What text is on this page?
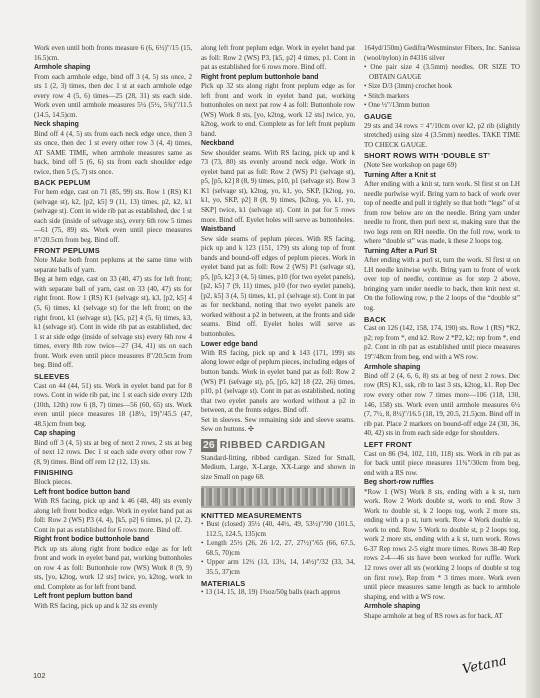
Work even until both fronts measure 6 (6, 6½)"/15 (15, 16.5)cm.

Armhole shaping

From each armhole edge, bind off 3 (4, 5) sts once, 2 sts 1 (2, 3) times, then dec 1 st at each armhole edge every row 4 (5, 6) times—25 (28, 31) sts each side. Work even until armhole measures 5¼ (5½, 5¾)"/11.5 (14.5, 14.5)cm.

Neck shaping

Bind off 4 (4, 5) sts from each neck edge once, then 3 sts once, then dec 1 st every other row 3 (4, 4) times, AT SAME TIME, when armhole measures same as back, bind off 5 (6, 6) sts from each shoulder edge twice, then 5 (5, 7) sts once.

BACK PEPLUM

For hem edge, cast on 71 (85, 99) sts. Row 1 (RS) K1 (selvage st), k2, [p2, k5] 9 (11, 13) times, p2, k2, k1 (selvage st). Cont in wide rib pat as established, dec 1 st each side (inside of selvage sts), every 6th row 5 times—61 (75, 89) sts. Work even until piece measures 8"/20.5cm from beg. Bind off.

FRONT PEPLUMS

Note Make both front peplums at the same time with separate balls of yarn.

Beg at hem edge, cast on 33 (40, 47) sts for left front; with separate ball of yarn, cast on 33 (40, 47) sts for right front. Row 1 (RS) K1 (selvage st), k3, [p2, k5] 4 (5, 6) times, k1 (selvage st) for the left front; on the right front, k1 (selvage st), [k5, p2] 4 (5, 6) times, k3, k1 (selvage st). Cont in wide rib pat as established, dec 1 st at side edge (inside of selvage sts) every 6th row 4 times, every 8th row twice—27 (34, 41) sts on each front. Work even until piece measures 8"/20.5cm from beg. Bind off.

SLEEVES

Cast on 44 (44, 51) sts. Work in eyelet band pat for 8 rows. Cont in wide rib pat, inc 1 st each side every 12th (10th, 12th) row 6 (8, 7) times—56 (60, 65) sts. Work even until piece measures 18 (18½, 19)"/45.5 (47, 48.5)cm from beg.

Cap shaping

Bind off 3 (4, 5) sts at beg of next 2 rows, 2 sts at beg of next 12 rows. Dec 1 st each side every other row 7 (8, 9) times. Bind off rem 12 (12, 13) sts.

FINISHING

Block pieces.

Left front bodice button band

With RS facing, pick up and k 46 (48, 48) sts evenly along left front bodice edge. Work in eyelet band pat as foll: Row 2 (WS) P3 (4, 4), [k5, p2] 6 times, p1 (2, 2). Cont in pat as established for 6 rows more. Bind off.

Right front bodice buttonhole band

Pick up sts along right front bodice edge as for left front and work in eyelet band pat, working buttonholes on row 4 as foll: Buttonhole row (WS) Work 8 (9, 9) sts, [yo, k2tog, work 12 sts] twice, yo, k2tog, work to end. Complete as for left front band.

Left front peplum button band

With RS facing, pick up and k 32 sts evenly

along left front peplum edge. Work in eyelet band pat as foll: Row 2 (WS) P3, [k5, p2] 4 times, p1. Cont in pat as established for 6 rows more. Bind off.

Right front peplum buttonhole band

Pick up 32 sts along right front peplum edge as for left front and work in eyelet band pat, working buttonholes on next pat row 4 as foll: Buttonhole row (WS) Work 8 sts, [yo, k2tog, work 12 sts] twice, yo, k2tog, work to end. Complete as for left front peplum band.

Neckband

Sew shoulder seams. With RS facing, pick up and k 73 (73, 80) sts evenly around neck edge. Work in eyelet band pat as foll: Row 2 (WS) P1 (selvage st), p5, [p5, k2] 8 (8, 9) times, p10, p1 (selvage st). Row 3 K1 (selvage st), k2tog, yo, k1, yo, SKP, [k2tog, yo, k1, yo, SKP, p2] 8 (8, 9) times, [k2tog, yo, k1, yo, SKP] twice, k1 (selvage st). Cont in pat for 5 rows more. Bind off. Eyelet holes will serve as buttonholes.

Waistband

Sew side seams of peplum pieces. With RS facing, pick up and k 123 (151, 179) sts along top of front bands and bound-off edges of peplum pieces. Work in eyelet band pat as foll: Row 2 (WS) P1 (selvage st), p5, [p5, k2] 3 (4, 5) times, p10 (for two eyelet panels), [p2, k5] 7 (9, 11) times, p10 (for two eyelet panels), [p2, k5] 3 (4, 5) times, k1, p1 (selvage st). Cont in pat as for neckband, noting that two eyelet panels are worked without a p2 in between, at the fronts and side seams. Bind off. Eyelet holes will serve as buttonholes.

Lower edge band

With RS facing, pick up and k 143 (171, 199) sts along lower edge of peplum pieces, including edges of button bands. Work in eyelet band pat as foll: Row 2 (WS) P1 (selvage st), p5, [p5, k2] 18 (22, 26) times, p10, p1 (selvage st). Cont in pat as established, noting that two eyelet panels are worked without a p2 in between, at the fronts edges. Bind off.

Set in sleeves. Sew remaining side and sleeve seams. Sew on buttons. ✣

26 RIBBED CARDIGAN

Standard-fitting, ribbed cardigan. Sized for Small, Medium, Large, X-Large, XX-Large and shown in size Small on page 68.

KNITTED MEASUREMENTS

• Bust (closed) 35½ (40, 44½, 49, 53½)"/90 (101.5, 112.5, 124.5, 135)cm

• Length 25½ (26, 26 1/2, 27, 27½)"/65 (66, 67.5, 68.5, 70)cm

• Upper arm 12½ (13, 13½, 14, 14½)"/32 (33, 34, 35.5, 37)cm

MATERIALS

• 13 (14, 15, 18, 19) 1¾oz/50g balls (each approx

164yd/150m) Gedifra/Westminster Fibers, Inc. Sanissa (wool/nylon) in #4316 silver

• One pair size 4 (3.5mm) needles. OR SIZE TO OBTAIN GAUGE

• Size D/3 (3mm) crochet hook

• Stitch markers

• One ½"/13mm button

GAUGE

29 sts and 34 rows = 4"/10cm over k2, p2 rib (slightly stretched) using size 4 (3.5mm) needles. TAKE TIME TO CHECK GAUGE.

SHORT ROWS WITH ‘DOUBLE ST’

(Note See workshop on page 69)

Turning After a Knit st

After ending with a knit st, turn work. Sl first st on LH needle purlwise wyif. Bring yarn to back of work over top of needle and pull it tightly so that both “legs” of st from row below are on the needle. Bring yarn under needle to front, then purl next st, making sure that the two legs rem on RH needle. On the foll row, work to where “double st” was made, k these 2 loops tog.

Turning After a Purl St

After ending with a purl st, turn the work. Sl first st on LH needle knitwise wyib. Bring yarn to front of work over top of needle, continue as for step 2 above, bringing yarn under needle to back, then knit next st. On the following row, p the 2 loops of the “double st” tog.

BACK

Cast on 126 (142, 158, 174, 190) sts. Row 1 (RS) *K2, p2; rep from *, end k2. Row 2 *P2, k2; rep from *, end p2. Cont in rib pat as established until piece measures 19"/48cm from beg, end with a WS row.

Armhole shaping

Bind off 2 (4, 6, 6, 8) sts at beg of next 2 rows. Dec row (RS) K1, ssk, rib to last 3 sts, k2tog, k1. Rep Dec row every other row 7 times more—106 (118, 130, 146, 158) sts. Work even until armhole measures 6½ (7, 7½, 8, 8½)"/16.5 (18, 19, 20.5, 21.5)cm. Bind off in rib pat. Place 2 markers on bound-off edge 24 (30, 36, 40, 42) sts in from each side edge for shoulders.

LEFT FRONT

Cast on 86 (94, 102, 110, 118) sts. Work in rib pat as for back until piece measures 11¾"/30cm from beg, end with a RS row.

Beg short-row ruffles

*Row 1 (WS) Work 8 sts, ending with a k st, turn work. Row 2 Work double st, work to end. Row 3 Work to double st, k 2 loops tog, work 2 more sts, ending with a p st, turn work. Row 4 Work double st, work to end. Row 5 Work to double st, p 2 loops tog, work 2 more sts, ending with a k st, turn work. Rows 6-37 Rep rows 2-5 eight more times. Rows 38-40 Rep rows 2-4—46 sts have been worked for ruffle. Work 12 rows over all sts (working 2 loops of double st tog on first row). Rep from * 3 times more. Work even until piece measures same length as back to armhole shaping, end with a WS row.

Armhole shaping

Shape armhole at beg of RS rows as for back, AT

102	Vetana
